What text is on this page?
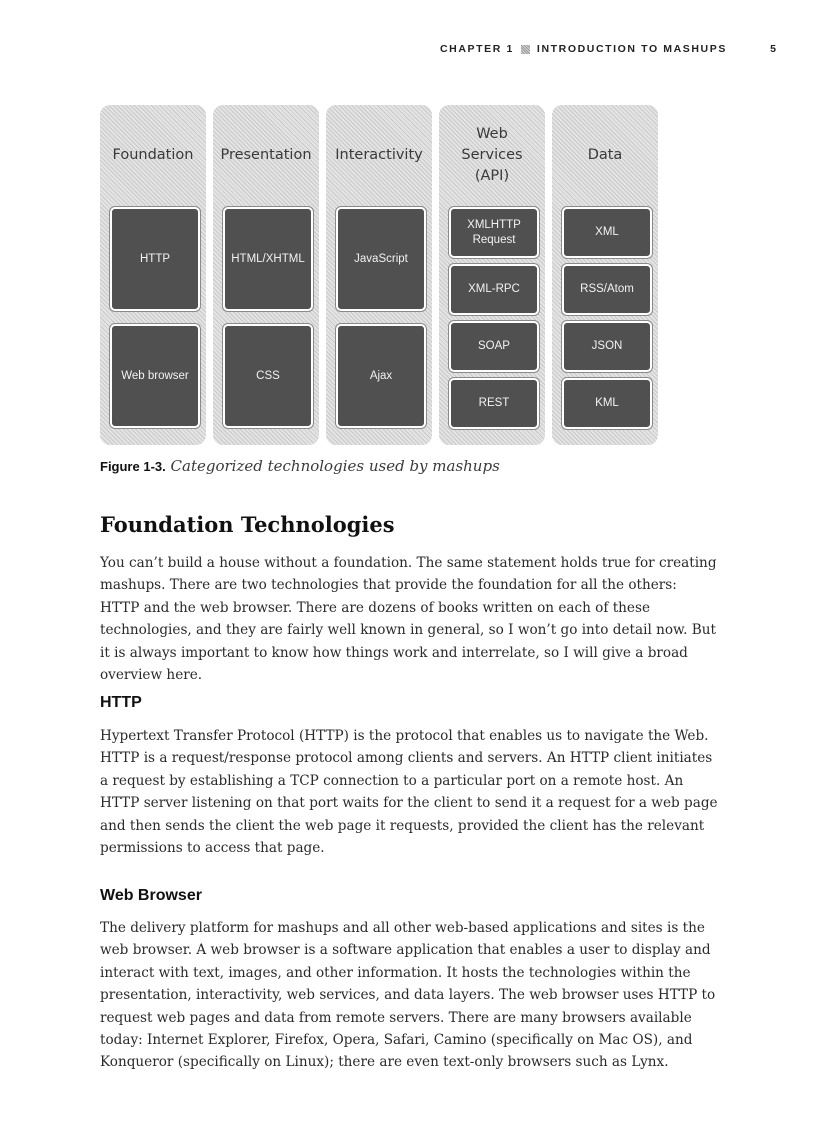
CHAPTER 1 INTRODUCTION TO MASHUPS	5
Foundation
HTTP
Web browser
Presentation
HTML/XHTML
CSS
Interactivity
JavaScript
Ajax
Web
Services
(API)
XMLHTTP Request
XML-RPC
SOAP
REST
Data
XML
RSS/Atom
JSON
KML
Figure 1-3. Categorized technologies used by mashups
Foundation Technologies

You can’t build a house without a foundation. The same statement holds true for creating mashups. There are two technologies that provide the foundation for all the others: HTTP and the web browser. There are dozens of books written on each of these technologies, and they are fairly well known in general, so I won’t go into detail now. But it is always important to know how things work and interrelate, so I will give a broad overview here.

HTTP

Hypertext Transfer Protocol (HTTP) is the protocol that enables us to navigate the Web. HTTP is a request/response protocol among clients and servers. An HTTP client initiates a request by establishing a TCP connection to a particular port on a remote host. An HTTP server listening on that port waits for the client to send it a request for a web page and then sends the client the web page it requests, provided the client has the relevant permissions to access that page.

Web Browser

The delivery platform for mashups and all other web-based applications and sites is the web browser. A web browser is a software application that enables a user to display and interact with text, images, and other information. It hosts the technologies within the presentation, interactivity, web services, and data layers. The web browser uses HTTP to request web pages and data from remote servers. There are many browsers available today: Internet Explorer, Firefox, Opera, Safari, Camino (specifically on Mac OS), and Konqueror (specifically on Linux); there are even text-only browsers such as Lynx.
